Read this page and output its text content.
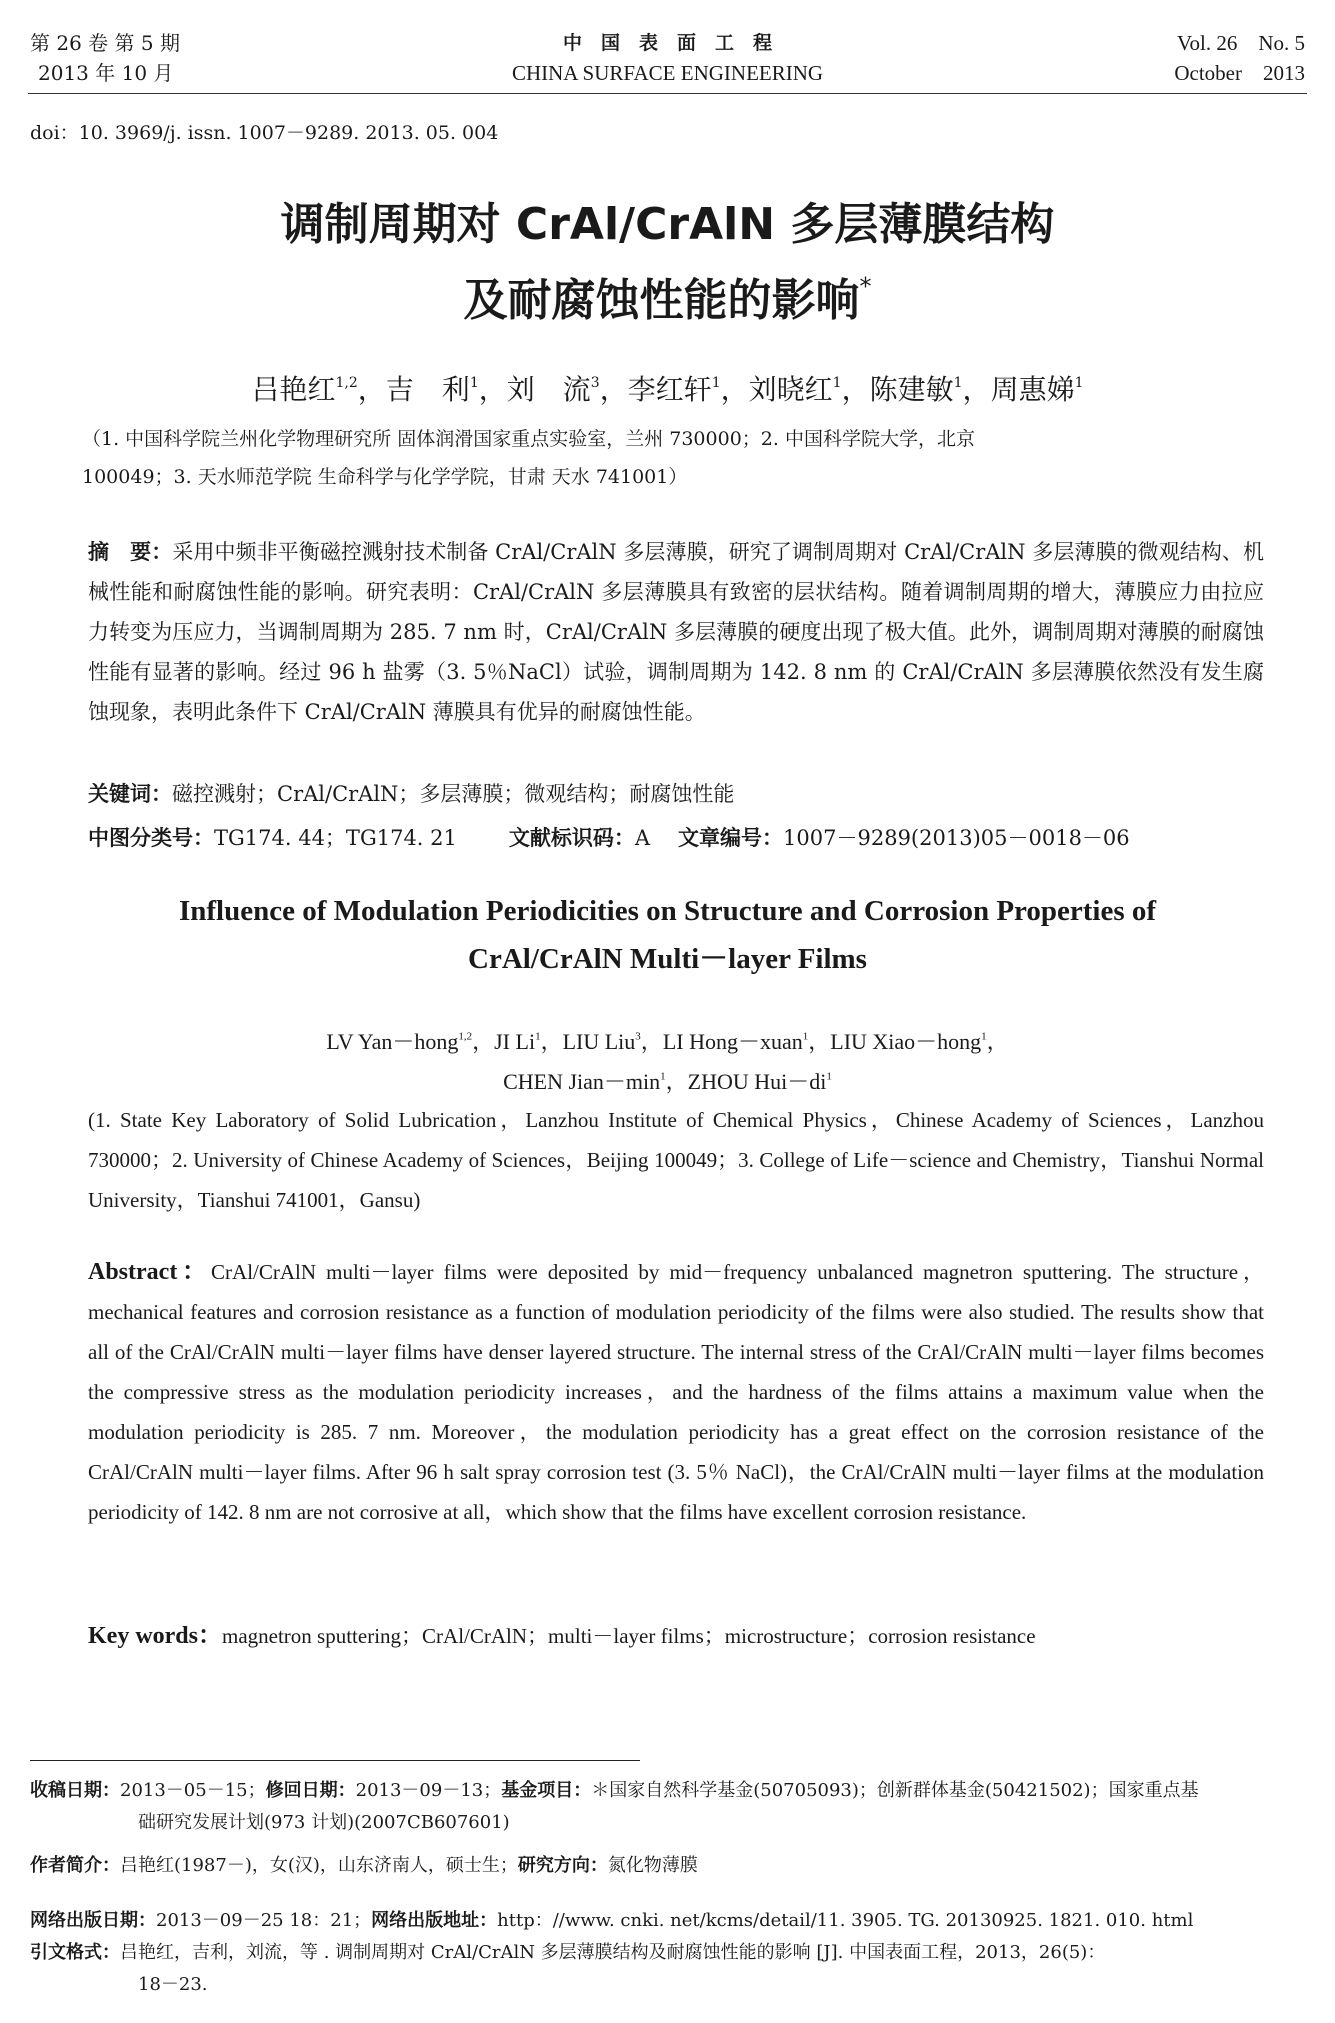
第 26 卷 第 5 期
2013 年 10 月
中　国　表　面　工　程
CHINA SURFACE ENGINEERING
Vol. 26　No. 5
October　2013
doi：10. 3969/j. issn. 1007－9289. 2013. 05. 004
调制周期对 CrAl/CrAlN 多层薄膜结构
及耐腐蚀性能的影响*
吕艳红$^{1,2}$，吉　利$^1$，刘　流$^3$，李红轩$^1$，刘晓红$^1$，陈建敏$^1$，周惠娣$^1$
（1. 中国科学院兰州化学物理研究所 固体润滑国家重点实验室，兰州 730000；2. 中国科学院大学，北京
100049；3. 天水师范学院 生命科学与化学学院，甘肃 天水 741001）
摘　要：采用中频非平衡磁控溅射技术制备 CrAl/CrAlN 多层薄膜，研究了调制周期对 CrAl/CrAlN 多层薄膜的微观结构、机械性能和耐腐蚀性能的影响。研究表明：CrAl/CrAlN 多层薄膜具有致密的层状结构。随着调制周期的增大，薄膜应力由拉应力转变为压应力，当调制周期为 285. 7 nm 时，CrAl/CrAlN 多层薄膜的硬度出现了极大值。此外，调制周期对薄膜的耐腐蚀性能有显著的影响。经过 96 h 盐雾（3. 5％NaCl）试验，调制周期为 142. 8 nm 的 CrAl/CrAlN 多层薄膜依然没有发生腐蚀现象，表明此条件下 CrAl/CrAlN 薄膜具有优异的耐腐蚀性能。
关键词：磁控溅射；CrAl/CrAlN；多层薄膜；微观结构；耐腐蚀性能
中图分类号：TG174. 44；TG174. 21 文献标识码：A 文章编号：1007－9289(2013)05－0018－06
Influence of Modulation Periodicities on Structure and Corrosion Properties of
CrAl/CrAlN Multi－layer Films
LV Yan－hong$^{1,2}$，JI Li$^1$，LIU Liu$^3$，LI Hong－xuan$^1$，LIU Xiao－hong$^1$，
CHEN $Jian-\min^1$，ZHOU $Hui-di^1$
(1. State Key Laboratory of Solid Lubrication，Lanzhou Institute of Chemical Physics，Chinese Academy of Sciences，Lanzhou 730000；2. University of Chinese Academy of Sciences，Beijing 100049；3. College of Life－science and Chemistry，Tianshui Normal University，Tianshui 741001，Gansu)
Abstract：CrAl/CrAlN multi－layer films were deposited by mid－frequency unbalanced magnetron sputtering. The structure，mechanical features and corrosion resistance as a function of modulation periodicity of the films were also studied. The results show that all of the CrAl/CrAlN multi－layer films have denser layered structure. The internal stress of the CrAl/CrAlN multi－layer films becomes the compressive stress as the modulation periodicity increases，and the hardness of the films attains a maximum value when the modulation periodicity is 285. 7 nm. Moreover，the modulation periodicity has a great effect on the corrosion resistance of the CrAl/CrAlN multi－layer films. After 96 h salt spray corrosion test (3. 5％ NaCl)，the CrAl/CrAlN multi－layer films at the modulation periodicity of 142. 8 nm are not corrosive at all，which show that the films have excellent corrosion resistance.
Key words：magnetron sputtering；CrAl/CrAlN；multi－layer films；microstructure；corrosion resistance
收稿日期：2013－05－15；修回日期：2013－09－13；基金项目：＊国家自然科学基金(50705093)；创新群体基金(50421502)；国家重点基
础研究发展计划(973 计划)(2007CB607601)
作者简介：吕艳红(1987－)，女(汉)，山东济南人，硕士生；研究方向：氮化物薄膜
网络出版日期：2013－09－25 18：21；网络出版地址：http：//www. cnki. net/kcms/detail/11. 3905. TG. 20130925. 1821. 010. html
引文格式：吕艳红，吉利，刘流，等 . 调制周期对 CrAl/CrAlN 多层薄膜结构及耐腐蚀性能的影响 [J]. 中国表面工程，2013，26(5)：
18－23.
